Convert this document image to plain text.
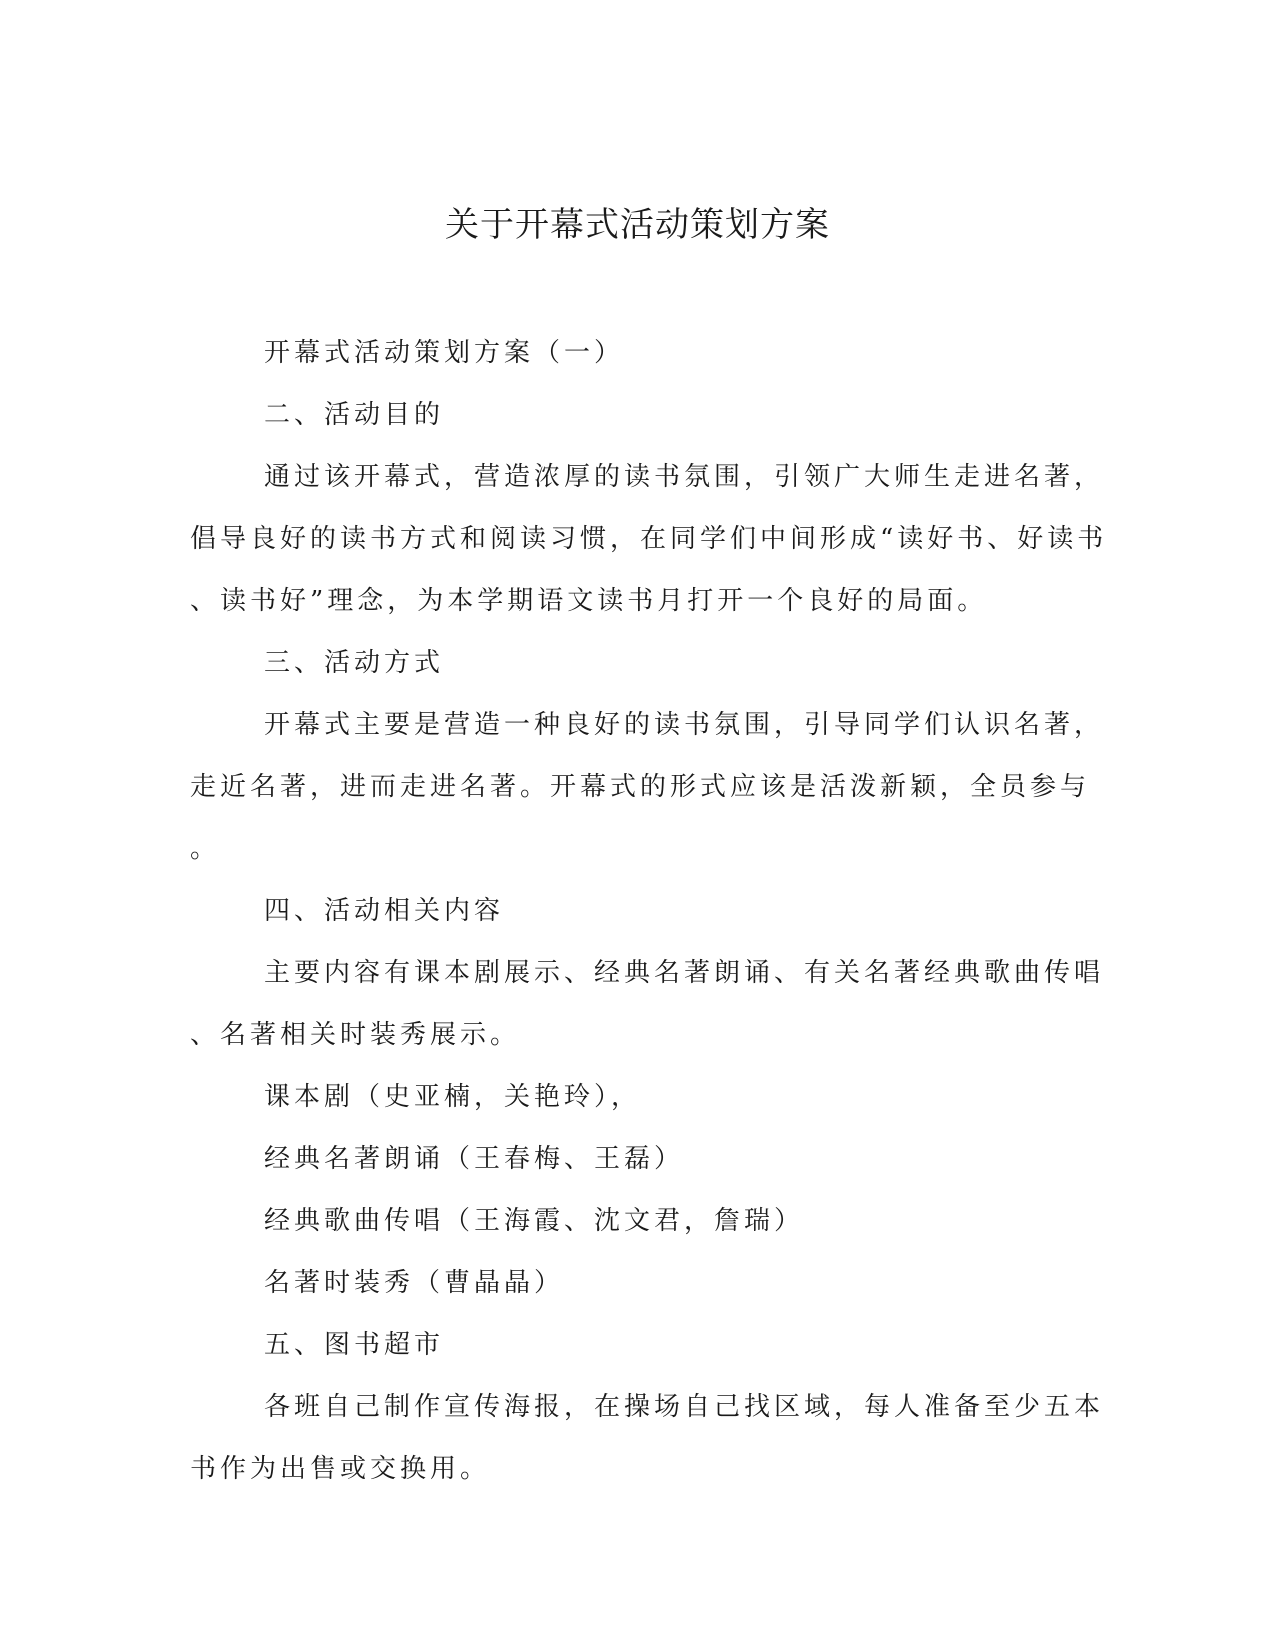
关于开幕式活动策划方案
开幕式活动策划方案（一）
二、活动目的
通过该开幕式，营造浓厚的读书氛围，引领广大师生走进名著，
倡导良好的读书方式和阅读习惯，在同学们中间形成“读好书、好读书
、读书好”理念，为本学期语文读书月打开一个良好的局面。
三、活动方式
开幕式主要是营造一种良好的读书氛围，引导同学们认识名著，
走近名著，进而走进名著。开幕式的形式应该是活泼新颖，全员参与
。
四、活动相关内容
主要内容有课本剧展示、经典名著朗诵、有关名著经典歌曲传唱
、名著相关时装秀展示。
课本剧（史亚楠，关艳玲），
经典名著朗诵（王春梅、王磊）
经典歌曲传唱（王海霞、沈文君，詹瑞）
名著时装秀（曹晶晶）
五、图书超市
各班自己制作宣传海报，在操场自己找区域，每人准备至少五本
书作为出售或交换用。
